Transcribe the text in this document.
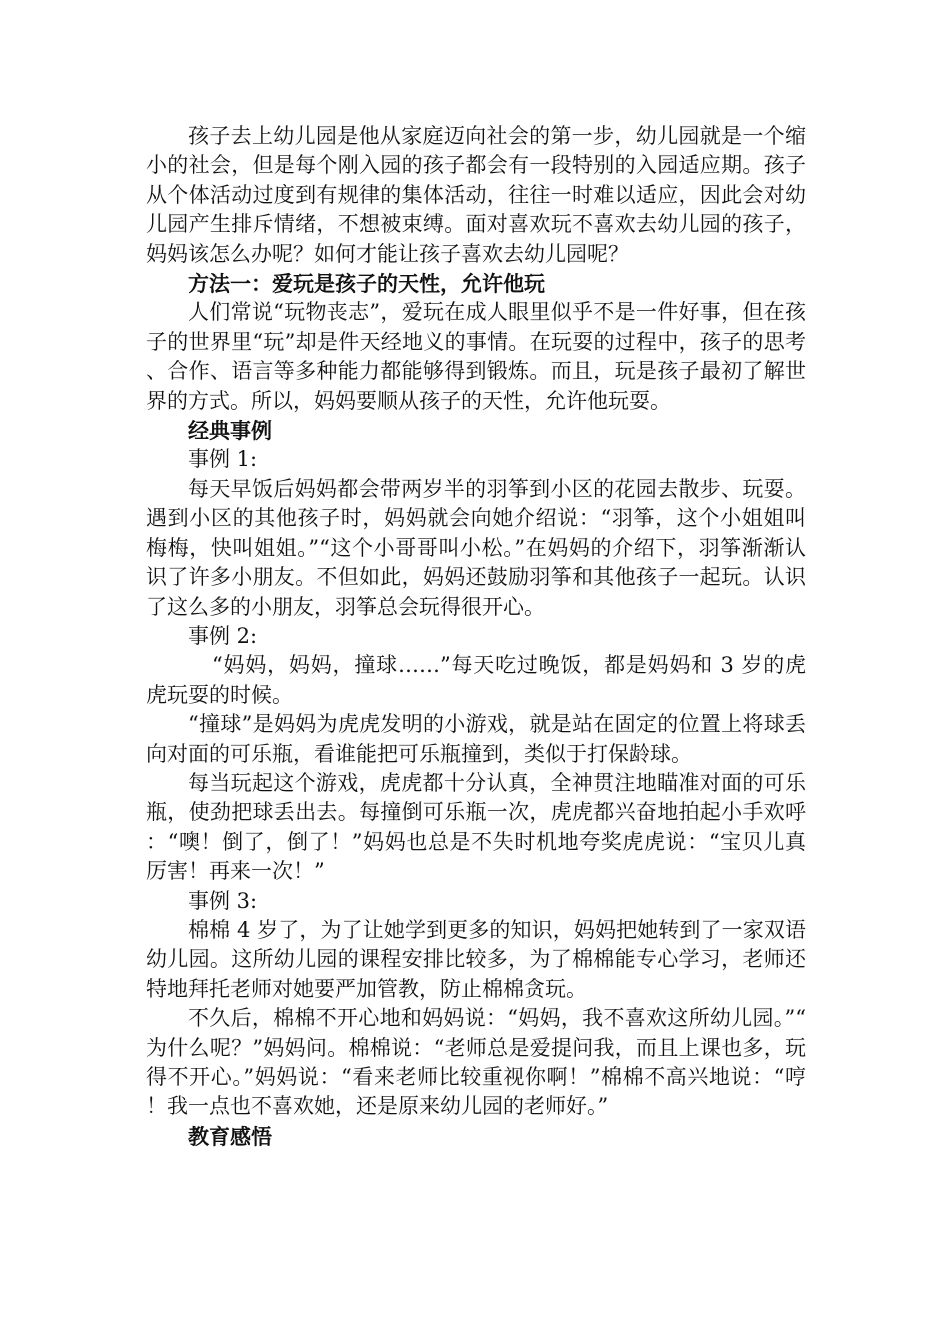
孩子去上幼儿园是他从家庭迈向社会的第一步，幼儿园就是一个缩小的社会，但是每个刚入园的孩子都会有一段特别的入园适应期。孩子从个体活动过度到有规律的集体活动，往往一时难以适应，因此会对幼儿园产生排斥情绪，不想被束缚。面对喜欢玩不喜欢去幼儿园的孩子，妈妈该怎么办呢？如何才能让孩子喜欢去幼儿园呢？

方法一：爱玩是孩子的天性，允许他玩

人们常说“玩物丧志”，爱玩在成人眼里似乎不是一件好事，但在孩子的世界里“玩”却是件天经地义的事情。在玩耍的过程中，孩子的思考、合作、语言等多种能力都能够得到锻炼。而且，玩是孩子最初了解世界的方式。所以，妈妈要顺从孩子的天性，允许他玩耍。

经典事例

事例 1:

每天早饭后妈妈都会带两岁半的羽筝到小区的花园去散步、玩耍。遇到小区的其他孩子时，妈妈就会向她介绍说：“羽筝，这个小姐姐叫梅梅，快叫姐姐。”“这个小哥哥叫小松。”在妈妈的介绍下，羽筝渐渐认识了许多小朋友。不但如此，妈妈还鼓励羽筝和其他孩子一起玩。认识了这么多的小朋友，羽筝总会玩得很开心。

事例 2:

“妈妈，妈妈，撞球……”每天吃过晚饭，都是妈妈和 3 岁的虎虎玩耍的时候。

“撞球”是妈妈为虎虎发明的小游戏，就是站在固定的位置上将球丢向对面的可乐瓶，看谁能把可乐瓶撞到，类似于打保龄球。

每当玩起这个游戏，虎虎都十分认真，全神贯注地瞄准对面的可乐瓶，使劲把球丢出去。每撞倒可乐瓶一次，虎虎都兴奋地拍起小手欢呼：“噢！倒了，倒了！”妈妈也总是不失时机地夸奖虎虎说：“宝贝儿真厉害！再来一次！”

事例 3:

棉棉 4 岁了，为了让她学到更多的知识，妈妈把她转到了一家双语幼儿园。这所幼儿园的课程安排比较多，为了棉棉能专心学习，老师还特地拜托老师对她要严加管教，防止棉棉贪玩。

不久后，棉棉不开心地和妈妈说：“妈妈，我不喜欢这所幼儿园。”“为什么呢？”妈妈问。棉棉说：“老师总是爱提问我，而且上课也多，玩得不开心。”妈妈说：“看来老师比较重视你啊！”棉棉不高兴地说：“哼！我一点也不喜欢她，还是原来幼儿园的老师好。”

教育感悟
